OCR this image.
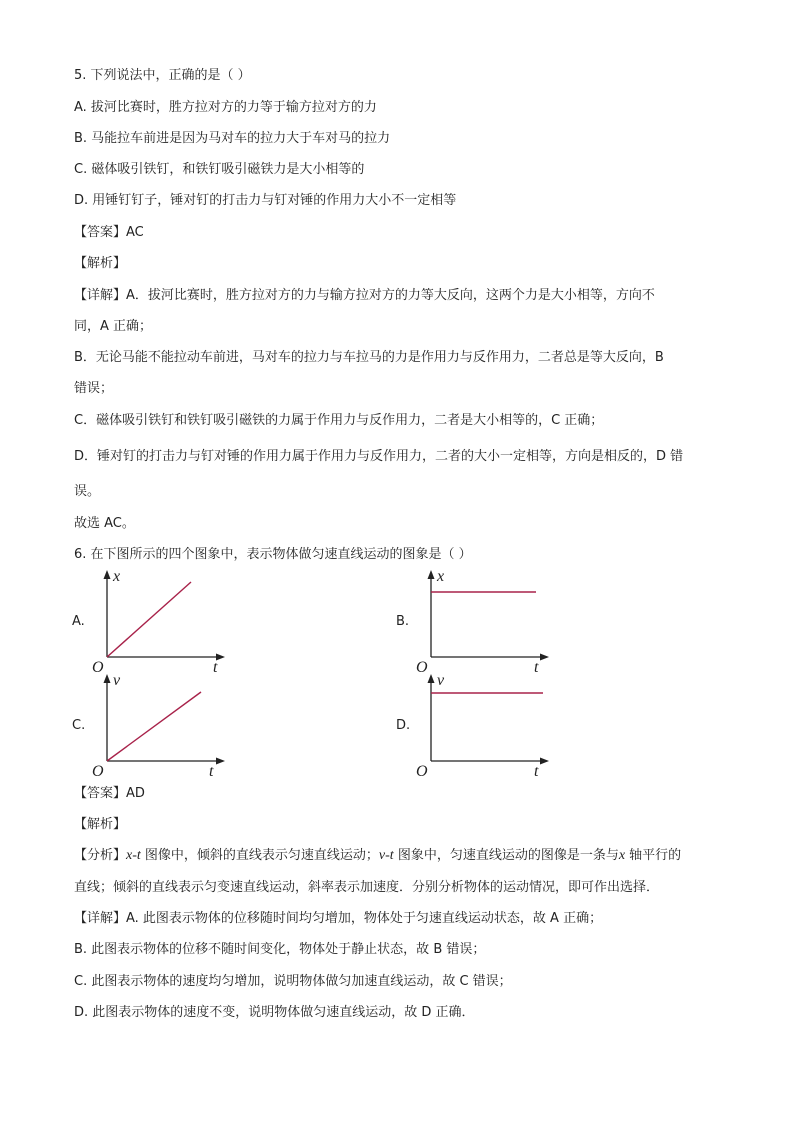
5. 下列说法中，正确的是（ ）
A. 拔河比赛时，胜方拉对方的力等于输方拉对方的力
B. 马能拉车前进是因为马对车的拉力大于车对马的拉力
C. 磁体吸引铁钉，和铁钉吸引磁铁力是大小相等的
D. 用锤钉钉子，锤对钉的打击力与钉对锤的作用力大小不一定相等
【答案】AC
【解析】
【详解】A．拔河比赛时，胜方拉对方的力与输方拉对方的力等大反向，这两个力是大小相等，方向不
同，A 正确；
B．无论马能不能拉动车前进，马对车的拉力与车拉马的力是作用力与反作用力，二者总是等大反向，B
错误；
C．磁体吸引铁钉和铁钉吸引磁铁的力属于作用力与反作用力，二者是大小相等的，C 正确；
D．锤对钉的打击力与钉对锤的作用力属于作用力与反作用力，二者的大小一定相等，方向是相反的，D 错
误。
故选 AC。
6. 在下图所示的四个图象中，表示物体做匀速直线运动的图象是（ ）
A.
x
t
O
B.
x
t
O
C.
v
t
O
D.
v
t
O
【答案】AD
【解析】
【分析】x-t 图像中，倾斜的直线表示匀速直线运动；v-t 图象中，匀速直线运动的图像是一条与x 轴平行的
直线；倾斜的直线表示匀变速直线运动，斜率表示加速度．分别分析物体的运动情况，即可作出选择．
【详解】A. 此图表示物体的位移随时间均匀增加，物体处于匀速直线运动状态，故 A 正确；
B. 此图表示物体的位移不随时间变化，物体处于静止状态，故 B 错误；
C. 此图表示物体的速度均匀增加，说明物体做匀加速直线运动，故 C 错误；
D. 此图表示物体的速度不变，说明物体做匀速直线运动，故 D 正确．
